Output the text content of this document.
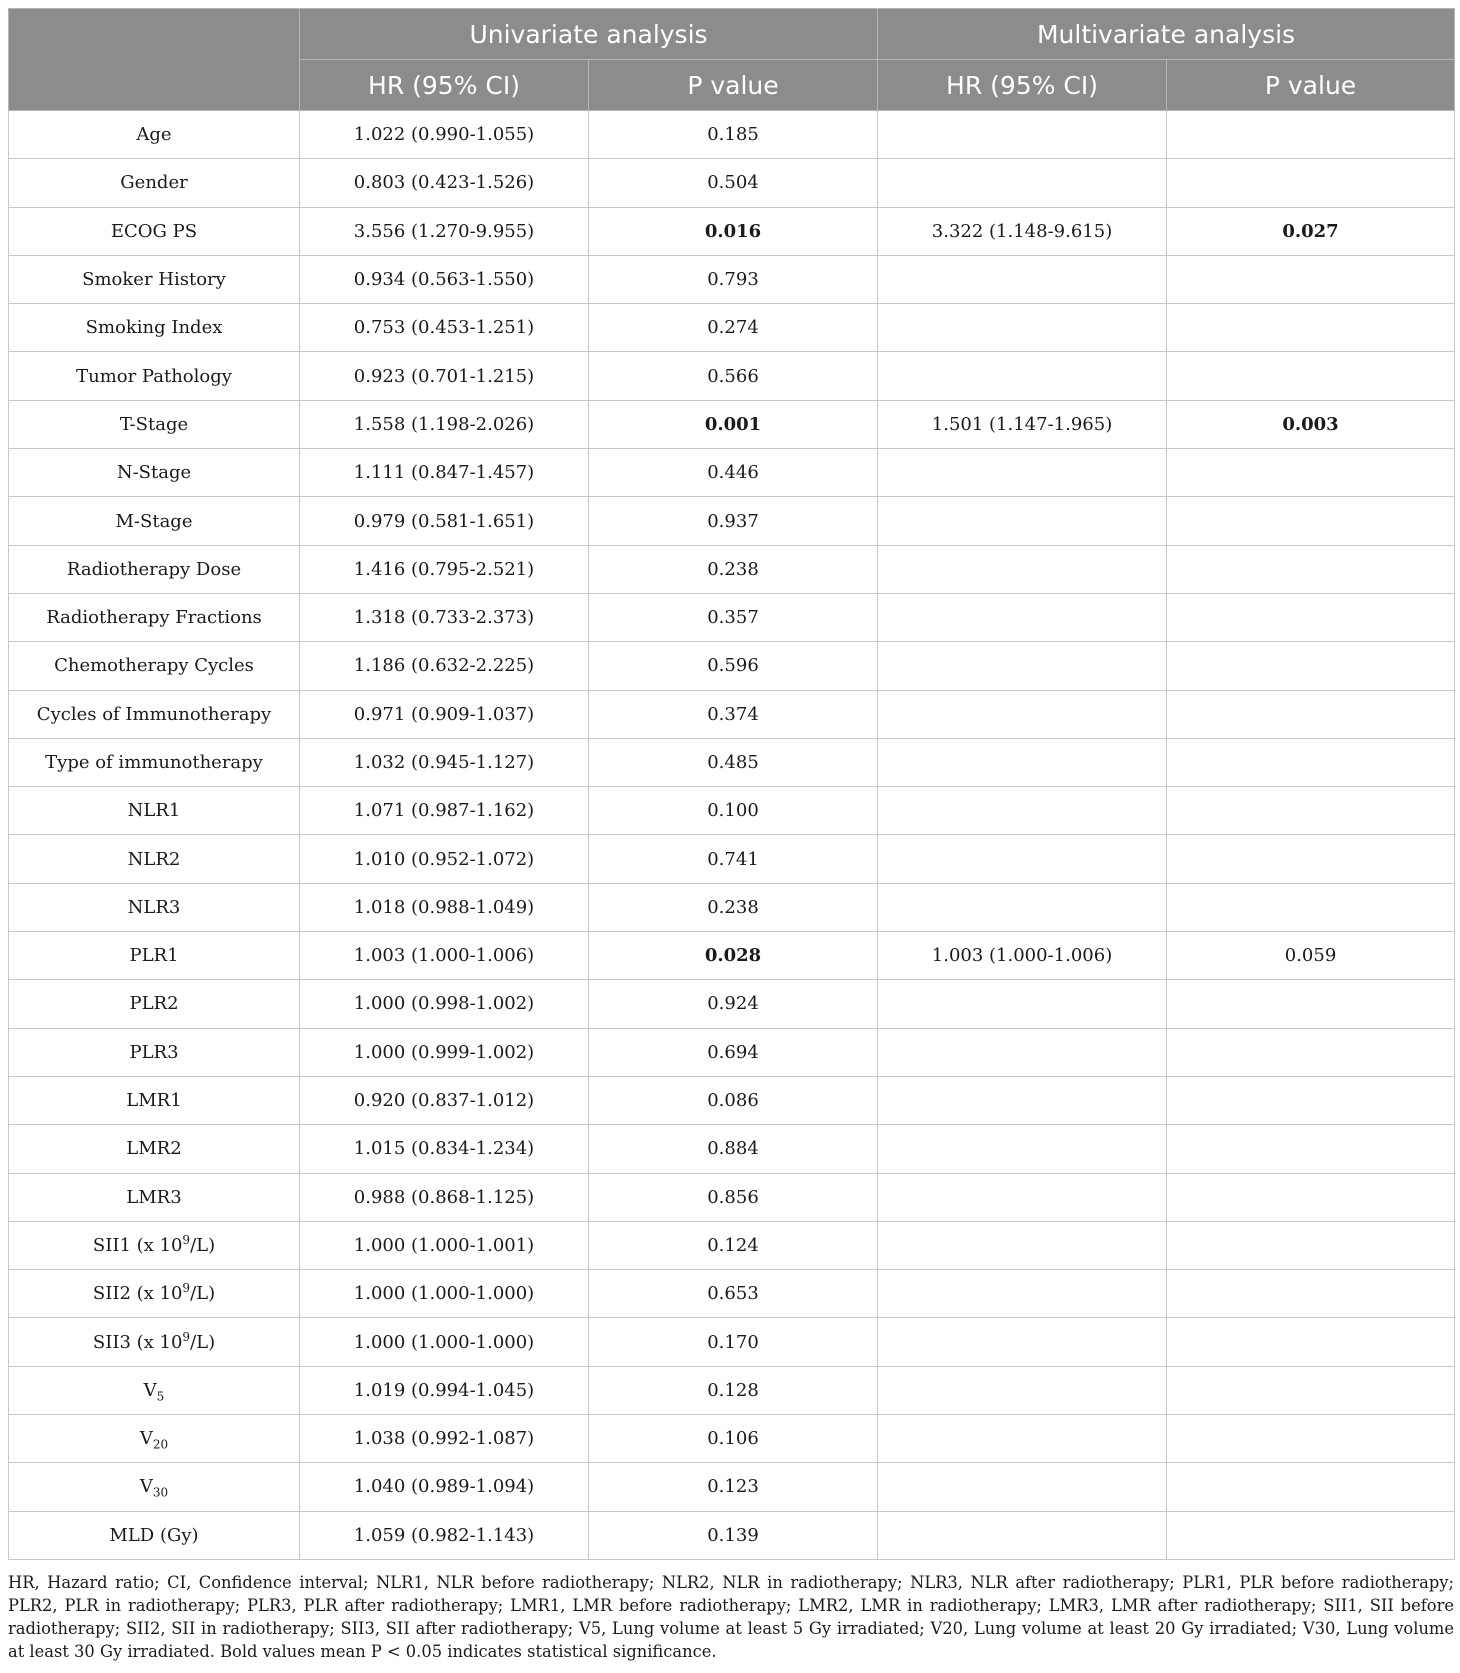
	Univariate analysis		Multivariate analysis	
	HR (95% CI)	P value	HR (95% CI)	P value
Age	1.022 (0.990-1.055)	0.185		
Gender	0.803 (0.423-1.526)	0.504		
ECOG PS	3.556 (1.270-9.955)	0.016	3.322 (1.148-9.615)	0.027
Smoker History	0.934 (0.563-1.550)	0.793		
Smoking Index	0.753 (0.453-1.251)	0.274		
Tumor Pathology	0.923 (0.701-1.215)	0.566		
T-Stage	1.558 (1.198-2.026)	0.001	1.501 (1.147-1.965)	0.003
N-Stage	1.111 (0.847-1.457)	0.446		
M-Stage	0.979 (0.581-1.651)	0.937		
Radiotherapy Dose	1.416 (0.795-2.521)	0.238		
Radiotherapy Fractions	1.318 (0.733-2.373)	0.357		
Chemotherapy Cycles	1.186 (0.632-2.225)	0.596		
Cycles of Immunotherapy	0.971 (0.909-1.037)	0.374		
Type of immunotherapy	1.032 (0.945-1.127)	0.485		
NLR1	1.071 (0.987-1.162)	0.100		
NLR2	1.010 (0.952-1.072)	0.741		
NLR3	1.018 (0.988-1.049)	0.238		
PLR1	1.003 (1.000-1.006)	0.028	1.003 (1.000-1.006)	0.059
PLR2	1.000 (0.998-1.002)	0.924		
PLR3	1.000 (0.999-1.002)	0.694		
LMR1	0.920 (0.837-1.012)	0.086		
LMR2	1.015 (0.834-1.234)	0.884		
LMR3	0.988 (0.868-1.125)	0.856		
SII1 (x $10^9/L$)	1.000 (1.000-1.001)	0.124		
SII2 (x $10^9/L$)	1.000 (1.000-1.000)	0.653		
SII3 (x $10^9/L$)	1.000 (1.000-1.000)	0.170		
$V_5$	1.019 (0.994-1.045)	0.128		
$V_{20}$	1.038 (0.992-1.087)	0.106		
$V_{30}$	1.040 (0.989-1.094)	0.123		
MLD (Gy)	1.059 (0.982-1.143)	0.139		

HR, Hazard ratio; CI, Confidence interval; NLR1, NLR before radiotherapy; NLR2, NLR in radiotherapy; NLR3, NLR after radiotherapy; PLR1, PLR before radiotherapy; PLR2, PLR in radiotherapy; PLR3, PLR after radiotherapy; LMR1, LMR before radiotherapy; LMR2, LMR in radiotherapy; LMR3, LMR after radiotherapy; SII1, SII before radiotherapy; SII2, SII in radiotherapy; SII3, SII after radiotherapy; V5, Lung volume at least 5 Gy irradiated; V20, Lung volume at least 20 Gy irradiated; V30, Lung volume at least 30 Gy irradiated. Bold values mean P < 0.05 indicates statistical significance.
